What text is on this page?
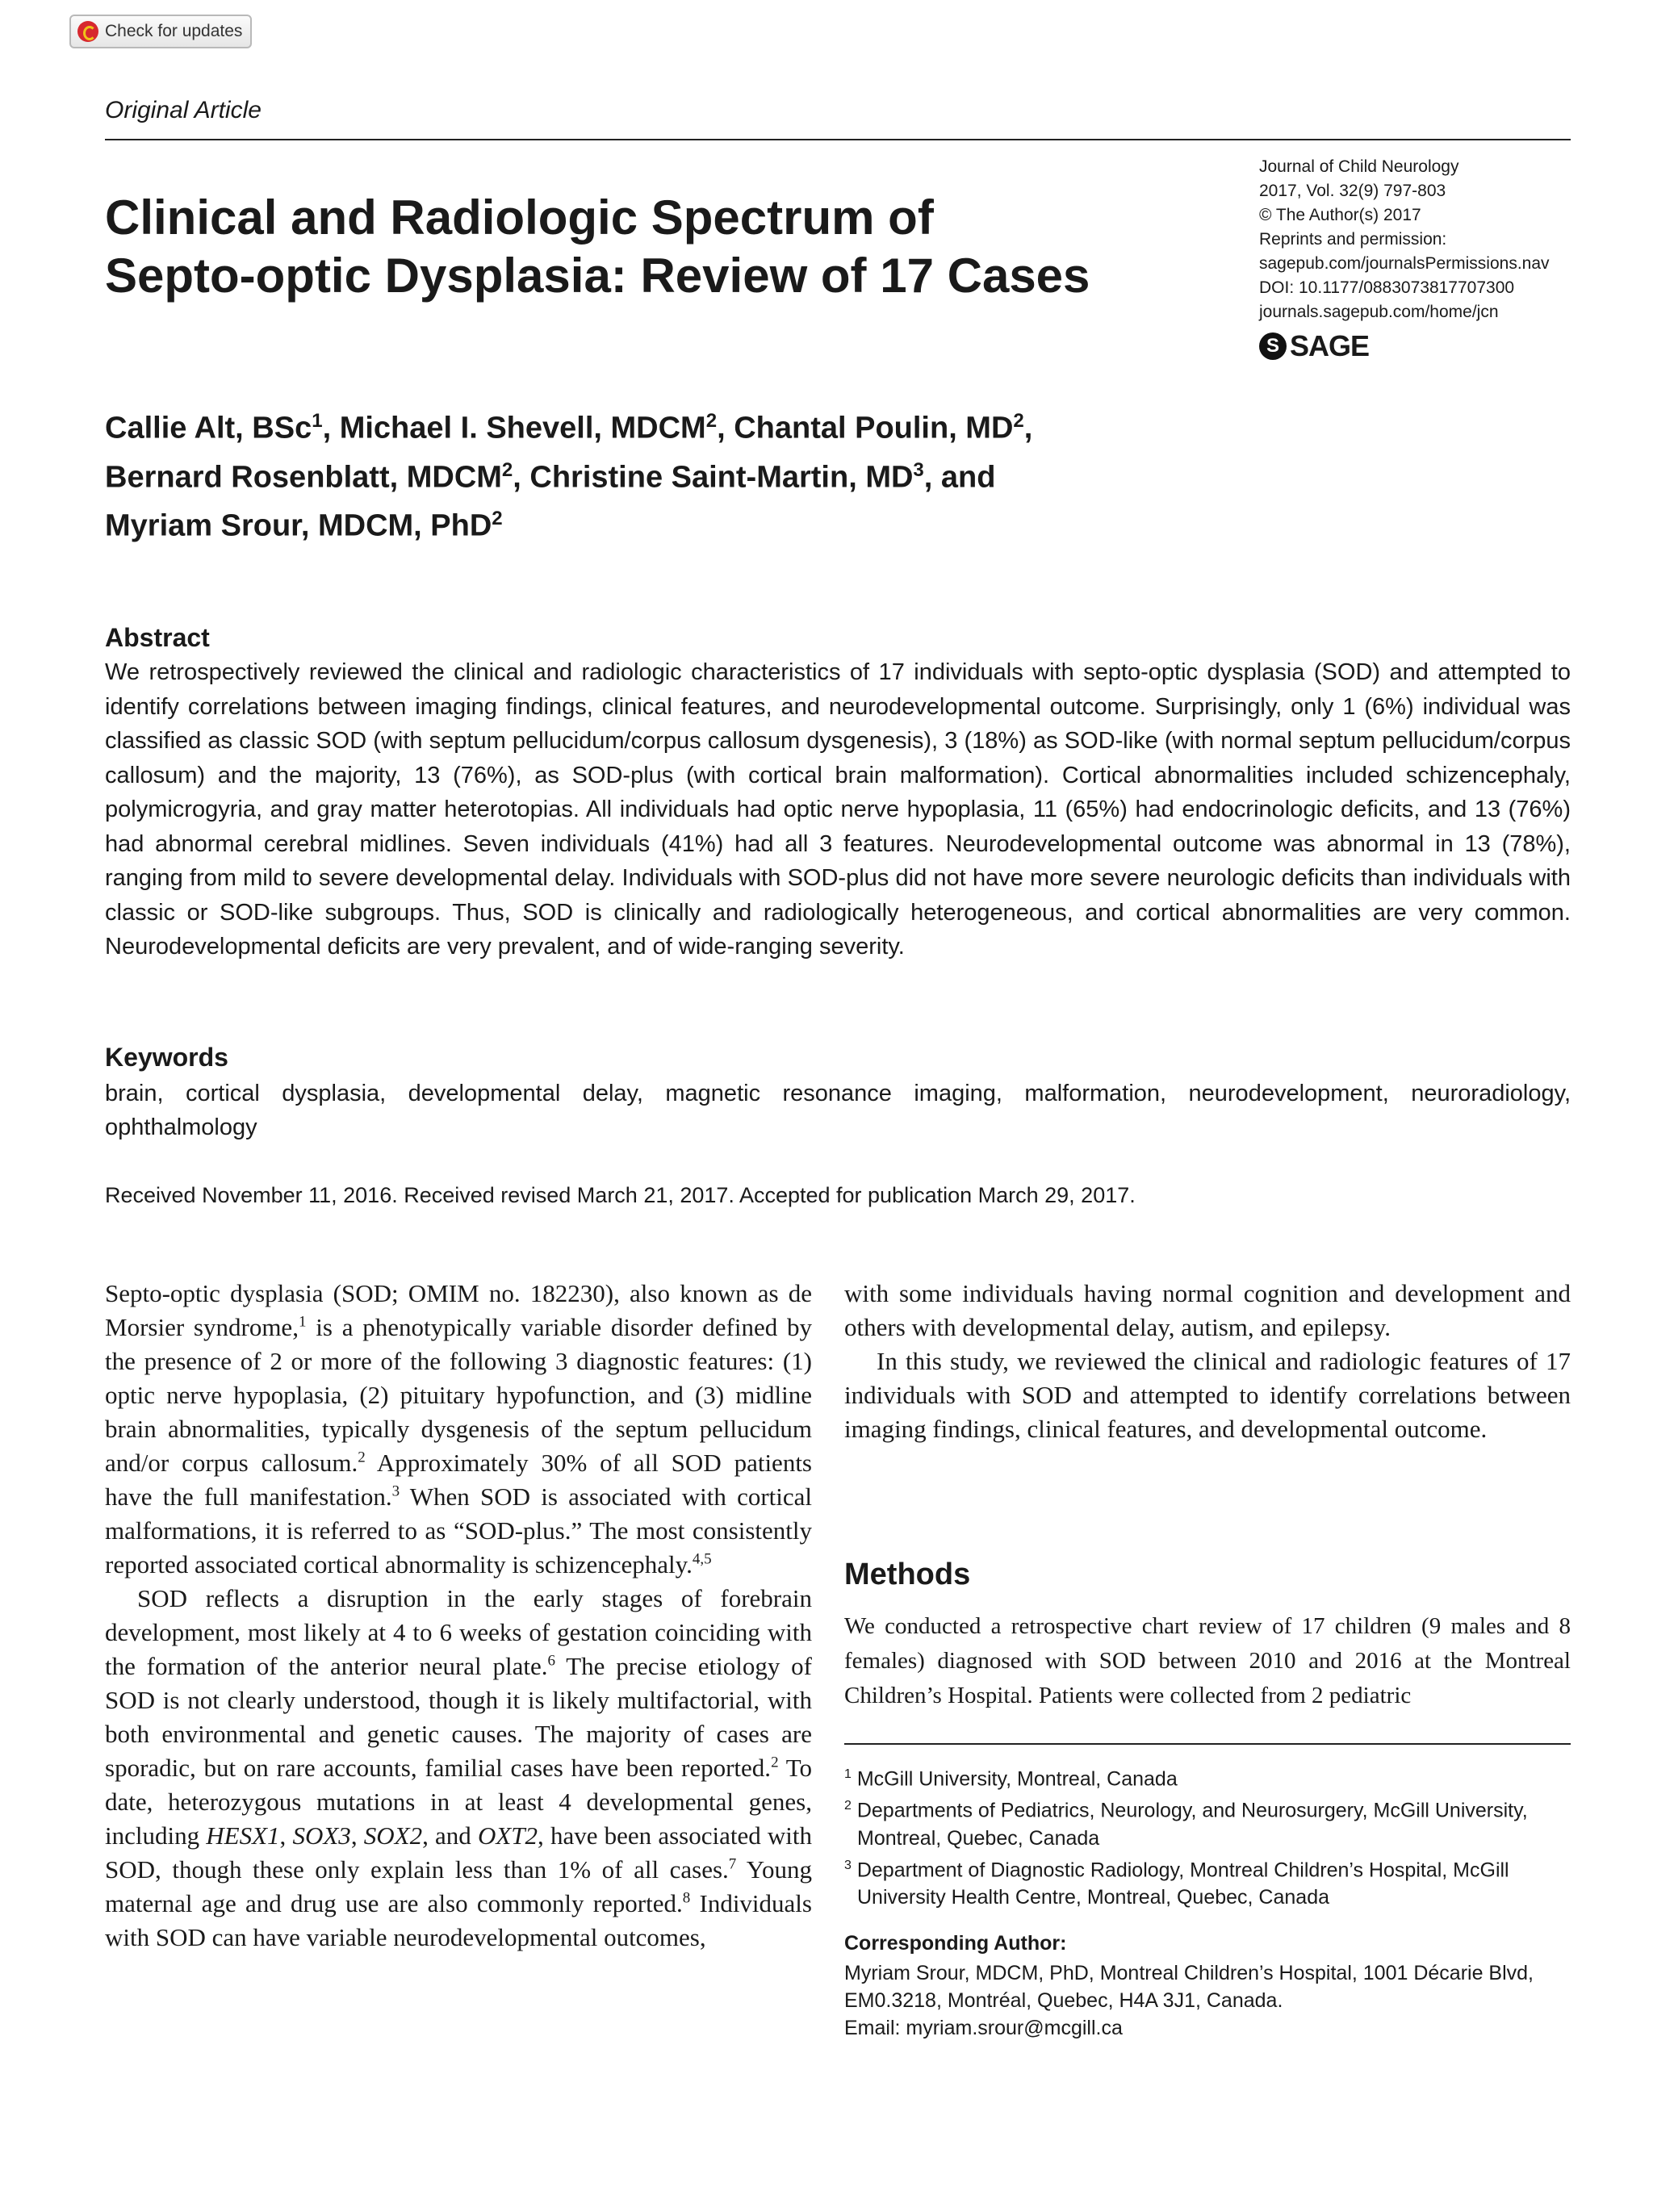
Check for updates
Original Article
Clinical and Radiologic Spectrum of
Septo-optic Dysplasia: Review of 17 Cases
Journal of Child Neurology
2017, Vol. 32(9) 797-803
© The Author(s) 2017
Reprints and permission:
sagepub.com/journalsPermissions.nav
DOI: 10.1177/0883073817707300
journals.sagepub.com/home/jcn
S SAGE
Callie Alt, BSc$^1$, Michael I. Shevell, MDCM$^2$, Chantal Poulin, $MD^2$,
Bernard Rosenblatt, MDCM$^2$, Christine Saint-Martin, $MD^3$, and
Myriam Srour, MDCM, PhD$^2$
Abstract
We retrospectively reviewed the clinical and radiologic characteristics of 17 individuals with septo-optic dysplasia (SOD) and attempted to identify correlations between imaging findings, clinical features, and neurodevelopmental outcome. Surprisingly, only 1 (6%) individual was classified as classic SOD (with septum pellucidum/corpus callosum dysgenesis), 3 (18%) as SOD-like (with normal septum pellucidum/corpus callosum) and the majority, 13 (76%), as SOD-plus (with cortical brain malformation). Cortical abnormalities included schizencephaly, polymicrogyria, and gray matter heterotopias. All individuals had optic nerve hypoplasia, 11 (65%) had endocrinologic deficits, and 13 (76%) had abnormal cerebral midlines. Seven individuals (41%) had all 3 features. Neurodevelopmental outcome was abnormal in 13 (78%), ranging from mild to severe developmental delay. Individuals with SOD-plus did not have more severe neurologic deficits than individuals with classic or SOD-like subgroups. Thus, SOD is clinically and radiologically heterogeneous, and cortical abnormalities are very common. Neurodevelopmental deficits are very prevalent, and of wide-ranging severity.
Keywords
brain, cortical dysplasia, developmental delay, magnetic resonance imaging, malformation, neurodevelopment, neuroradiology, ophthalmology
Received November 11, 2016. Received revised March 21, 2017. Accepted for publication March 29, 2017.

Septo-optic dysplasia (SOD; OMIM no. 182230), also known as de Morsier syndrome,$^1$ is a phenotypically variable disorder defined by the presence of 2 or more of the following 3 diagnostic features: (1) optic nerve hypoplasia, (2) pituitary hypofunction, and (3) midline brain abnormalities, typically dysgenesis of the septum pellucidum and/or corpus callosum.$^2$ Approximately 30% of all SOD patients have the full manifestation.$^3$ When SOD is associated with cortical malformations, it is referred to as “SOD-plus.” The most consistently reported associated cortical abnormality is schizencephaly.$^{4,5}$

SOD reflects a disruption in the early stages of forebrain development, most likely at 4 to 6 weeks of gestation coinciding with the formation of the anterior neural plate.$^6$ The precise etiology of SOD is not clearly understood, though it is likely multifactorial, with both environmental and genetic causes. The majority of cases are sporadic, but on rare accounts, familial cases have been reported.$^2$ To date, heterozygous mutations in at least 4 developmental genes, including HESX1, SOX3, SOX2, and OXT2, have been associated with SOD, though these only explain less than 1% of all cases.$^7$ Young maternal age and drug use are also commonly reported.$^8$ Individuals with SOD can have variable neurodevelopmental outcomes,

with some individuals having normal cognition and development and others with developmental delay, autism, and epilepsy.

In this study, we reviewed the clinical and radiologic features of 17 individuals with SOD and attempted to identify correlations between imaging findings, clinical features, and developmental outcome.

Methods
We conducted a retrospective chart review of 17 children (9 males and 8 females) diagnosed with SOD between 2010 and 2016 at the Montreal Children’s Hospital. Patients were collected from 2 pediatric
$^1$ McGill University, Montreal, Canada
$^2$ Departments of Pediatrics, Neurology, and Neurosurgery, McGill University, Montreal, Quebec, Canada
$^3$ Department of Diagnostic Radiology, Montreal Children’s Hospital, McGill University Health Centre, Montreal, Quebec, Canada
Corresponding Author:
Myriam Srour, MDCM, PhD, Montreal Children’s Hospital, 1001 Décarie Blvd, EM0.3218, Montréal, Quebec, H4A 3J1, Canada.
Email: myriam.srour@mcgill.ca
